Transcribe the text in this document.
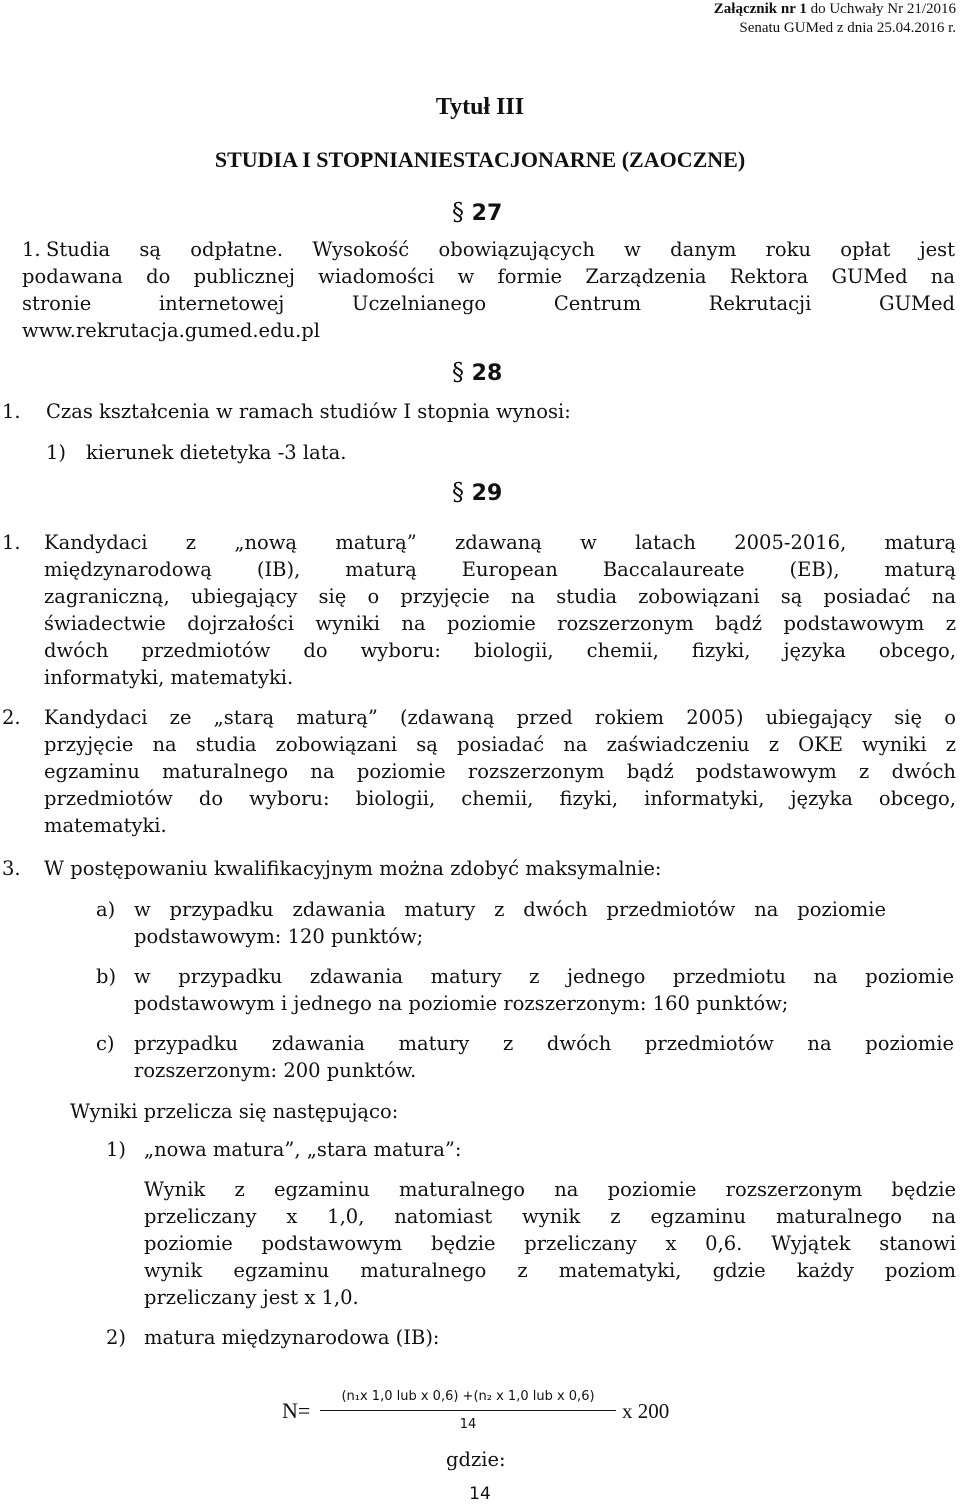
Załącznik nr 1 do Uchwały Nr 21/2016
Senatu GUMed z dnia 25.04.2016 r.
Tytuł III
STUDIA I STOPNIANIESTACJONARNE (ZAOCZNE)
§ 27
1. Studia są odpłatne. Wysokość obowiązujących w danym roku opłat jest
podawana do publicznej wiadomości w formie Zarządzenia Rektora GUMed na
stronie internetowej Uczelnianego Centrum Rekrutacji GUMed
www.rekrutacja.gumed.edu.pl
§ 28
1. Czas kształcenia w ramach studiów I stopnia wynosi:
1) kierunek dietetyka -3 lata.
§ 29
1. Kandydaci z „nową maturą” zdawaną w latach 2005-2016, maturą
międzynarodową (IB), maturą European Baccalaureate (EB), maturą
zagraniczną, ubiegający się o przyjęcie na studia zobowiązani są posiadać na
świadectwie dojrzałości wyniki na poziomie rozszerzonym bądź podstawowym z
dwóch przedmiotów do wyboru: biologii, chemii, fizyki, języka obcego,
informatyki, matematyki.
2. Kandydaci ze „starą maturą” (zdawaną przed rokiem 2005) ubiegający się o
przyjęcie na studia zobowiązani są posiadać na zaświadczeniu z OKE wyniki z
egzaminu maturalnego na poziomie rozszerzonym bądź podstawowym z dwóch
przedmiotów do wyboru: biologii, chemii, fizyki, informatyki, języka obcego,
matematyki.
3. W postępowaniu kwalifikacyjnym można zdobyć maksymalnie:
a) w przypadku zdawania matury z dwóch przedmiotów na poziomie
podstawowym: 120 punktów;
b) w przypadku zdawania matury z jednego przedmiotu na poziomie
podstawowym i jednego na poziomie rozszerzonym: 160 punktów;
c) przypadku zdawania matury z dwóch przedmiotów na poziomie
rozszerzonym: 200 punktów.
Wyniki przelicza się następująco:
1) „nowa matura”, „stara matura”:
Wynik z egzaminu maturalnego na poziomie rozszerzonym będzie
przeliczany x 1,0, natomiast wynik z egzaminu maturalnego na
poziomie podstawowym będzie przeliczany x 0,6. Wyjątek stanowi
wynik egzaminu maturalnego z matematyki, gdzie każdy poziom
przeliczany jest x 1,0.
2) matura międzynarodowa (IB):
N=
(n₁x 1,0 lub x 0,6) +(n₂ x 1,0 lub x 0,6)
14
x 200
gdzie:
14
